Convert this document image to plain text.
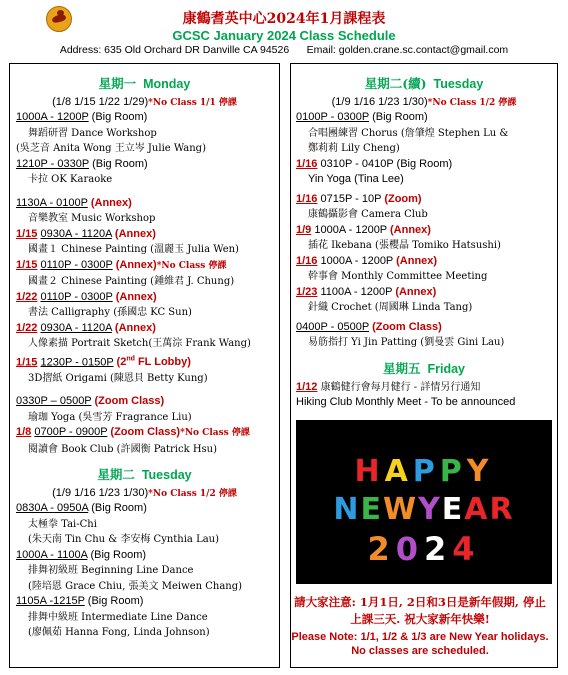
康鶴耆英中心2024年1月課程表
GCSC January 2024 Class Schedule
Address: 635 Old Orchard DR Danville CA 94526      Email: golden.crane.sc.contact@gmail.com
星期一 Monday
(1/8 1/15 1/22 1/29)*No Class 1/1 停課
1000A - 1200P (Big Room)
舞蹈研習 Dance Workshop
(吳芝音 Anita Wong 王立岑 Julie Wang)
1210P - 0330P (Big Room)
卡拉 OK Karaoke
1130A - 0100P (Annex)
音樂教室 Music Workshop
1/15 0930A - 1120A (Annex)
國畫１ Chinese Painting (溫麗玉 Julia Wen)
1/15 0110P - 0300P (Annex)*No Class 停課
國畫２ Chinese Painting (鍾維君 J. Chung)
1/22 0110P - 0300P (Annex)
書法 Calligraphy (孫國忠 KC Sun)
1/22 0930A - 1120A (Annex)
人像素描 Portrait Sketch(王萬淙 Frank Wang)
1/15 1230P - 0150P (2nd FL Lobby)
3D摺紙 Origami (陳恩貝 Betty Kung)
0330P – 0500P (Zoom Class)
瑜珈 Yoga (吳雪芳 Fragrance Liu)
1/8 0700P - 0900P (Zoom Class)*No Class 停課
閱讀會 Book Club (許國衡 Patrick Hsu)
星期二 Tuesday
(1/9 1/16 1/23 1/30)*No Class 1/2 停課
0830A - 0950A (Big Room)
太極拳 Tai-Chi
(朱天南 Tin Chu & 李安梅 Cynthia Lau)
1000A - 1100A (Big Room)
排舞初級班 Beginning Line Dance
(陸培恩 Grace Chiu, 張美文 Meiwen Chang)
1105A -1215P (Big Room)
排舞中級班 Intermediate Line Dance
(廖佩茹 Hanna Fong, Linda Johnson)
星期二(續) Tuesday
(1/9 1/16 1/23 1/30)*No Class 1/2 停課
0100P - 0300P (Big Room)
合唱團練習 Chorus (詹肇煌 Stephen Lu &
鄭莉莉 Lily Cheng)
1/16 0310P - 0410P (Big Room)
Yin Yoga (Tina Lee)
1/16 0715P - 10P (Zoom)
康鶴攝影會 Camera Club
1/9 1000A - 1200P (Annex)
插花 Ikebana (張櫻晶 Tomiko Hatsushi)
1/16 1000A - 1200P (Annex)
幹事會 Monthly Committee Meeting
1/23 1100A - 1200P (Annex)
針織 Crochet (周國琳 Linda Tang)
0400P - 0500P (Zoom Class)
易筋指打 Yi Jin Patting (劉曼雲 Gini Lau)
星期五 Friday
1/12 康鶴健行會每月健行 - 詳情另行通知
Hiking Club Monthly Meet - To be announced
HAPPY
NEWYEAR
2024
請大家注意: 1月1日, 2日和3日是新年假期, 停止上課三天. 祝大家新年快樂!
Please Note: 1/1, 1/2 & 1/3 are New Year holidays. No classes are scheduled.
